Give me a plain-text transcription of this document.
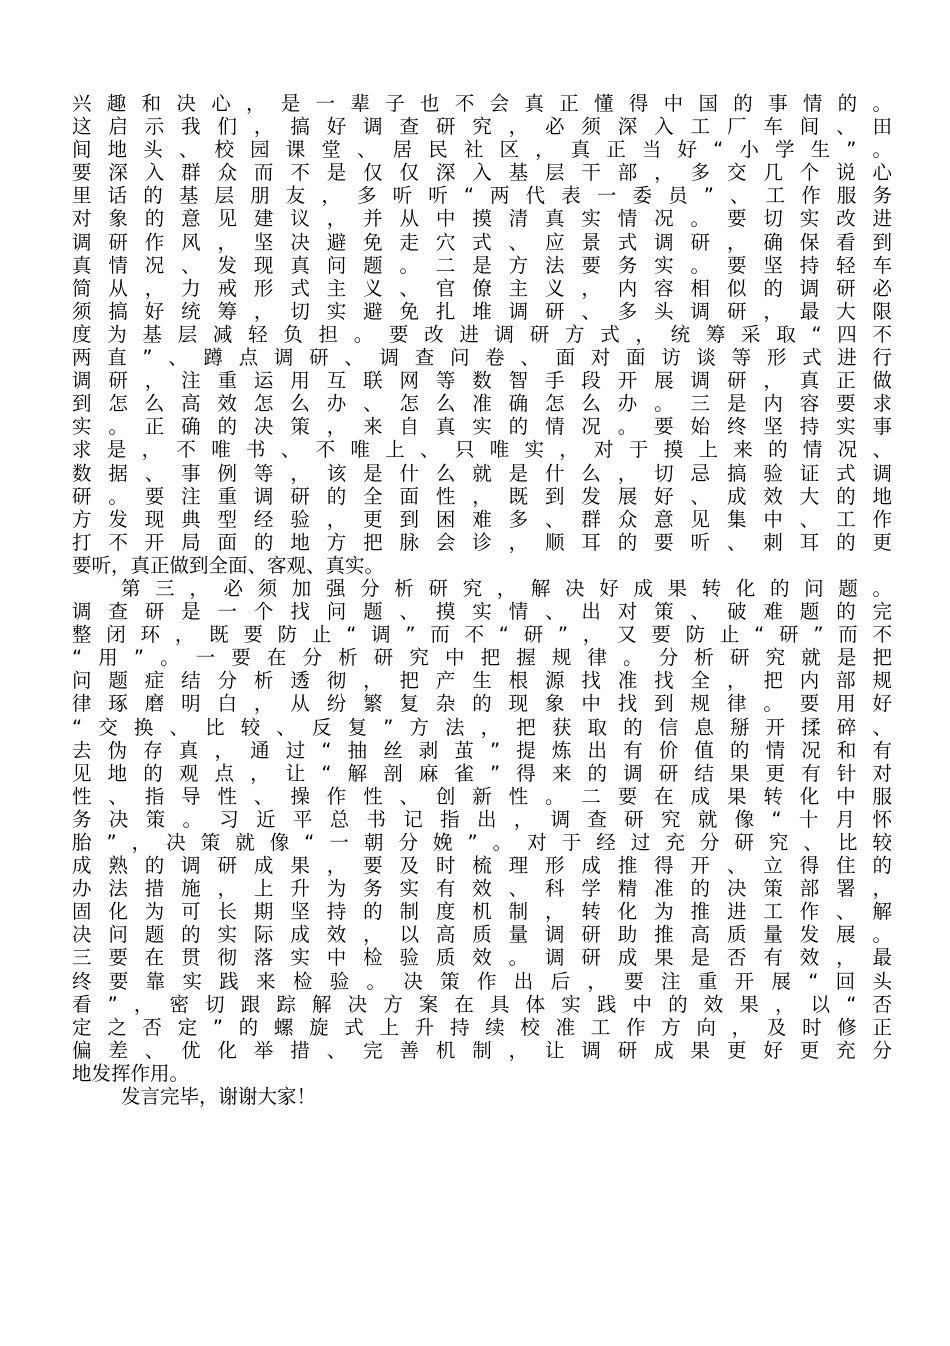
兴趣和决心，是一辈子也不会真正懂得中国的事情的。
这启示我们，搞好调查研究，必须深入工厂车间、田
间地头、校园课堂、居民社区，真正当好“小学生”。
要深入群众而不是仅仅深入基层干部，多交几个说心
里话的基层朋友，多听听“两代表一委员”、工作服务
对象的意见建议，并从中摸清真实情况。要切实改进
调研作风，坚决避免走穴式、应景式调研，确保看到
真情况、发现真问题。二是方法要务实。要坚持轻车
简从，力戒形式主义、官僚主义，内容相似的调研必
须搞好统筹，切实避免扎堆调研、多头调研，最大限
度为基层减轻负担。要改进调研方式，统筹采取“四不
两直”、蹲点调研、调查问卷、面对面访谈等形式进行
调研，注重运用互联网等数智手段开展调研，真正做
到怎么高效怎么办、怎么准确怎么办。三是内容要求
实。正确的决策，来自真实的情况。要始终坚持实事
求是，不唯书、不唯上、只唯实，对于摸上来的情况、
数据、事例等，该是什么就是什么，切忌搞验证式调
研。要注重调研的全面性，既到发展好、成效大的地
方发现典型经验，更到困难多、群众意见集中、工作
打不开局面的地方把脉会诊，顺耳的要听、刺耳的更
要听，真正做到全面、客观、真实。
第三，必须加强分析研究，解决好成果转化的问题。
调查研是一个找问题、摸实情、出对策、破难题的完
整闭环，既要防止“调”而不“研”，又要防止“研”而不
“用”。一要在分析研究中把握规律。分析研究就是把
问题症结分析透彻，把产生根源找准找全，把内部规
律琢磨明白，从纷繁复杂的现象中找到规律。要用好
“交换、比较、反复”方法，把获取的信息掰开揉碎、
去伪存真，通过“抽丝剥茧”提炼出有价值的情况和有
见地的观点，让“解剖麻雀”得来的调研结果更有针对
性、指导性、操作性、创新性。二要在成果转化中服
务决策。习近平总书记指出，调查研究就像“十月怀
胎”，决策就像“一朝分娩”。对于经过充分研究、比较
成熟的调研成果，要及时梳理形成推得开、立得住的
办法措施，上升为务实有效、科学精准的决策部署，
固化为可长期坚持的制度机制，转化为推进工作、解
决问题的实际成效，以高质量调研助推高质量发展。
三要在贯彻落实中检验质效。调研成果是否有效，最
终要靠实践来检验。决策作出后，要注重开展“回头
看”，密切跟踪解决方案在具体实践中的效果，以“否
定之否定”的螺旋式上升持续校准工作方向，及时修正
偏差、优化举措、完善机制，让调研成果更好更充分
地发挥作用。
发言完毕，谢谢大家！
